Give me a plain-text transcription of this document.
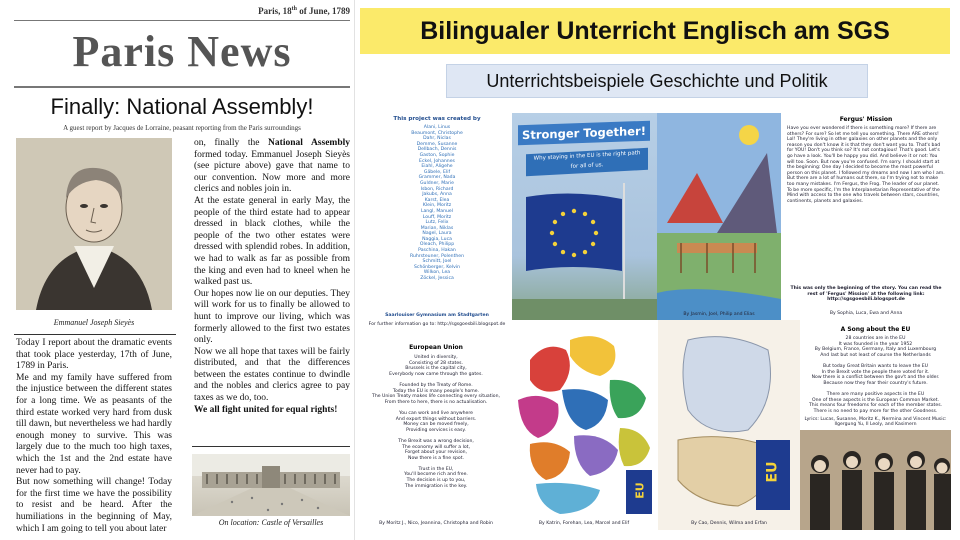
Paris, 18th of June, 1789
Paris News
Finally: National Assembly!
A guest report by Jacques de Lorraine, peasant reporting from the Paris surroundings
Emmanuel Joseph Sieyès

Today I report about the dramatic events that took place yesterday, 17th of June, 1789 in Paris.

Me and my family have suffered from the injustice between the different states for a long time. We as peasants of the third estate worked very hard from dusk till dawn, but nevertheless we had hardly enough money to survive. This was largely due to the much too high taxes, which the 1st and the 2nd estate have never had to pay.

But now something will change! Today for the first time we have the possibility to resist and be heard. After the humiliations in the beginning of May, which I am going to tell you about later

on, finally the National Assembly formed today. Emmanuel Joseph Sieyès (see picture above) gave that name to our convention. Now more and more clerics and nobles join in.

At the estate general in early May, the people of the third estate had to appear dressed in black clothes, while the people of the two other estates were dressed with splendid robes. In addition, we had to walk as far as possible from the king and even had to kneel when he walked past us.

Our hopes now lie on our deputies. They will work for us to finally be allowed to hunt to improve our living, which was formerly allowed to the first two estates only.

Now we all hope that taxes will be fairly distributed, and that the differences between the estates continue to dwindle and the nobles and clerics agree to pay taxes as we do, too.

We all fight united for equal rights!

On location: Castle of Versailles
Bilingualer Unterricht Englisch am SGS
Unterrichtsbeispiele Geschichte und Politik
This project was created by
Alani, Linus
Beaumont, Christophe
Dahr, Niclas
Demme, Susanne
Dellbach, Dennis
Gaston, Sophie
Eckel, Johannes
Eiahl, Aligehe
Gäbele, Elif
Grammer, Nada
Guldner, Marie
Isbon, Richard
Jakubs, Anna
Karst, Elea
Klein, Moritz
Langl, Manuel
Louff, Moritz
Lutz, Felix
Marian, Niklas
Nagel, Laura
Naggia, Luca
Oleach, Philipp
Paschina, Hakan
Ruhrsteuner, Polenthen
Schmitt, Joel
Schönberger, Kelvin
Wilkon, Lea
Zöckel, Jessica
Saarlouiser Gymnasium am Stadtgarten
For further information go to: http://sgsgoesbili.blogspot.de
Stronger Together!
Why staying in the EU is the right path
for all of us.
By Jasmin, Joel, Philip and Elias
Fergus' Mission
Have you ever wondered if there is something more? If there are others? For sure? So let me tell you something. There ARE others! Lol! They're living in other galaxies on other planets and the only reason you don't know it is that they don't want you to. That's bad for YOU! Don't you think so? It's not contagious! That's good. Let's go have a look. You'll be happy you did. And believe it or not: You will too. Soon. But now you're confused. I'm sorry. I should start at the beginning: One day I decided to become the most powerful person on this planet. I followed my dreams and now I am who I am. But there are a lot of humans out there, so I'm trying not to make too many mistakes. I'm Fergus, the Frog. The leader of our planet. To be more specific, I'm the Interplanetarian Representative of the Mind with access to the one who travels between stars, countries, continents, planets and galaxies.
This was only the beginning of the story. You can read the rest of 'Fergus' Mission' at the following link: http://sgsgoesbili.blogspot.de
By Sophia, Luca, Ewa and Anna
European Union
United in diversity,
Consisting of 28 states.
Brussels is the capital city,
Everybody now came through the gates.

Founded by the Treaty of Rome.
Today the EU is many people's home.
The Union Treaty makes life connecting every situation,
From there to here, there is no actualisation.

You can work and live anywhere
And export things without barriers.
Money can be moved freely,
Providing services is easy.

The Brexit was a wrong decision,
The economy will suffer a lot,
Forget about your revision,
Now there is a fine spot.

Trust in the EU,
You'll become rich and free.
The decision is up to you,
The immigration is the key.
By Moritz J., Nico, Jeannina, Christopha and Robin
EU
By Katrin, Forehan, Lea, Marcel and Elif
EU
By Cao, Dennis, Wilma and Erfan
A Song about the EU
28 countries are in the EU
It was founded in the year 1952
By Belgium, France, Germany, Italy and Luxembourg
And last but not least of course the Netherlands

But today Great Britain wants to leave the EU
In the Brexit vote the people there voted for it.
Now there is a conflict between the gov't and the older.
Because now they fear their country's future.

There are many positive aspects in the EU
One of these aspects is the European Common Market.
This means four freedoms for each of the member states.
There is no need to pay more for the other Goodness.
Lyrics: Lucas, Susanne, Moritz K., Nermina and Vincent Music: Ilgergung Yu, Il Leoly, and Kasimern
